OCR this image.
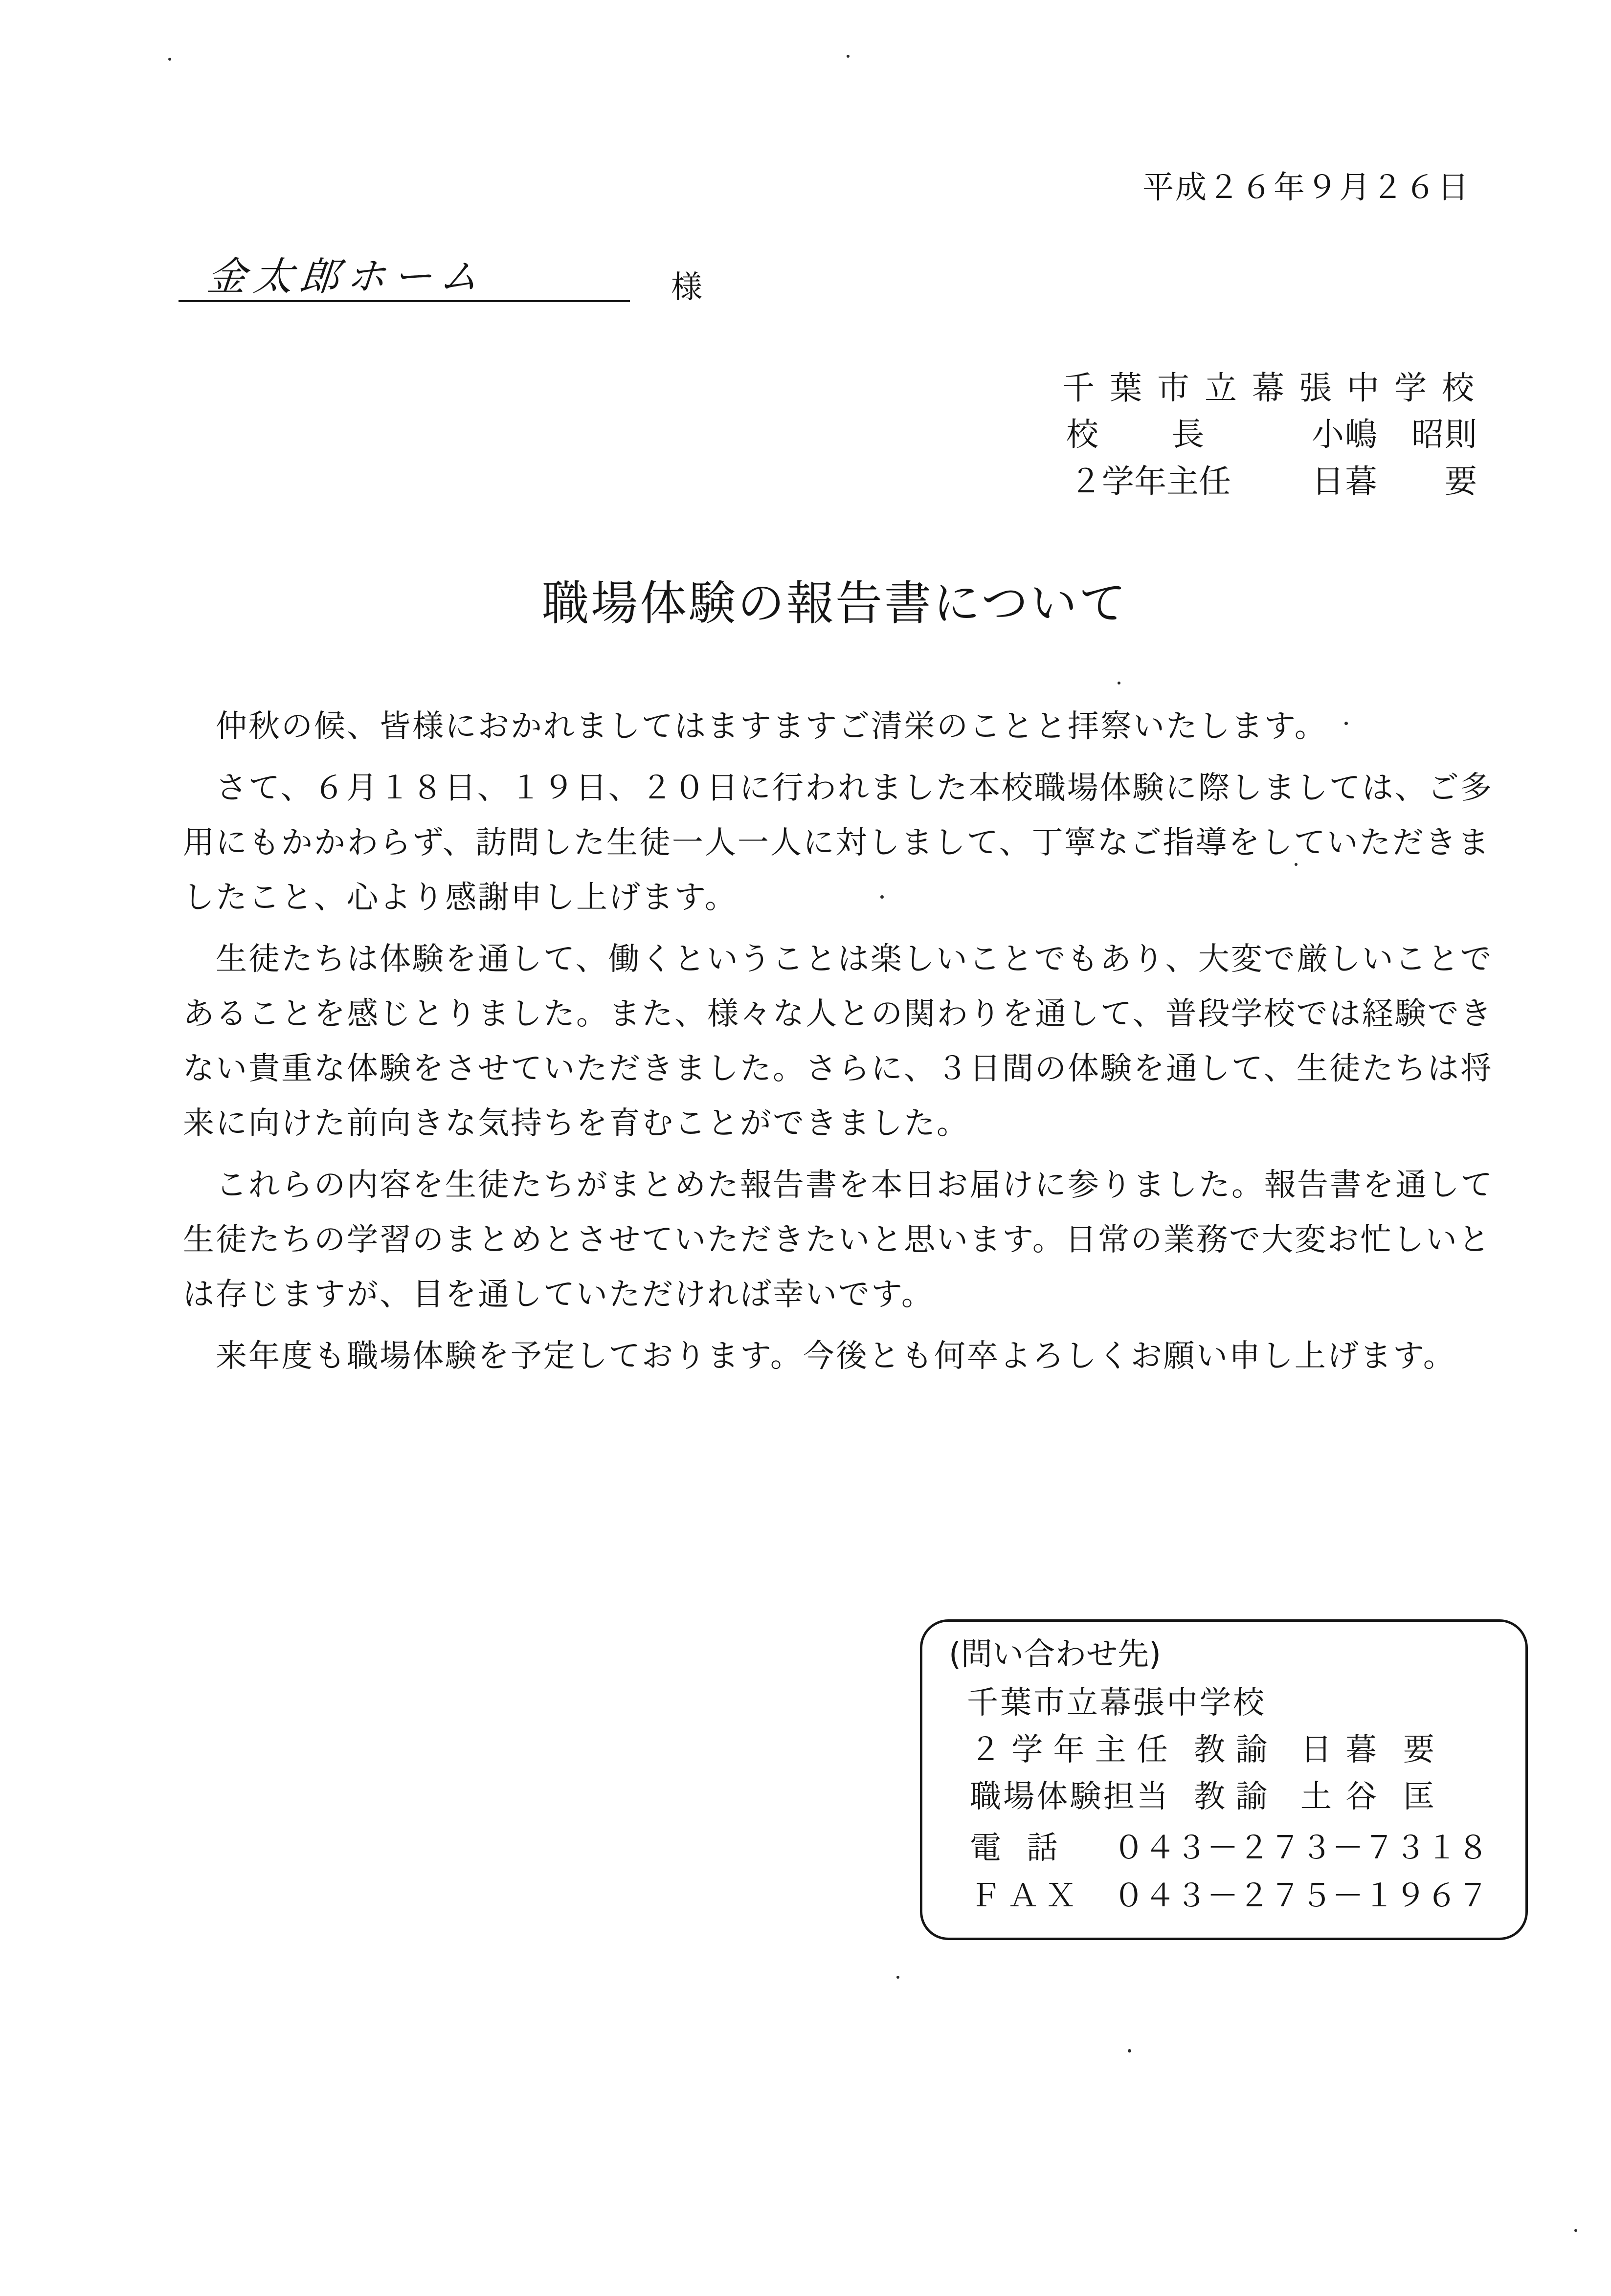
平成２６年９月２６日
金太郎ホーム	様
千葉市立幕張中学校
校　　長	小嶋　昭則
２学年主任	日暮　　要
職場体験の報告書について
仲秋の候、皆様におかれましてはますますご清栄のことと拝察いたします。
さて、６月１８日、１９日、２０日に行われました本校職場体験に際しましては、ご多
用にもかかわらず、訪問した生徒一人一人に対しまして、丁寧なご指導をしていただきま
したこと、心より感謝申し上げます。
生徒たちは体験を通して、働くということは楽しいことでもあり、大変で厳しいことで
あることを感じとりました。また、様々な人との関わりを通して、普段学校では経験でき
ない貴重な体験をさせていただきました。さらに、３日間の体験を通して、生徒たちは将
来に向けた前向きな気持ちを育むことができました。
これらの内容を生徒たちがまとめた報告書を本日お届けに参りました。報告書を通して
生徒たちの学習のまとめとさせていただきたいと思います。日常の業務で大変お忙しいと
は存じますが、目を通していただければ幸いです。
来年度も職場体験を予定しております。今後とも何卒よろしくお願い申し上げます。
(問い合わせ先)
千葉市立幕張中学校
２学年主任 教諭 日暮 要
職場体験担当 教諭 土谷 匡
電　話 ０４３－２７３－７３１８
ＦＡＸ ０４３－２７５－１９６７
